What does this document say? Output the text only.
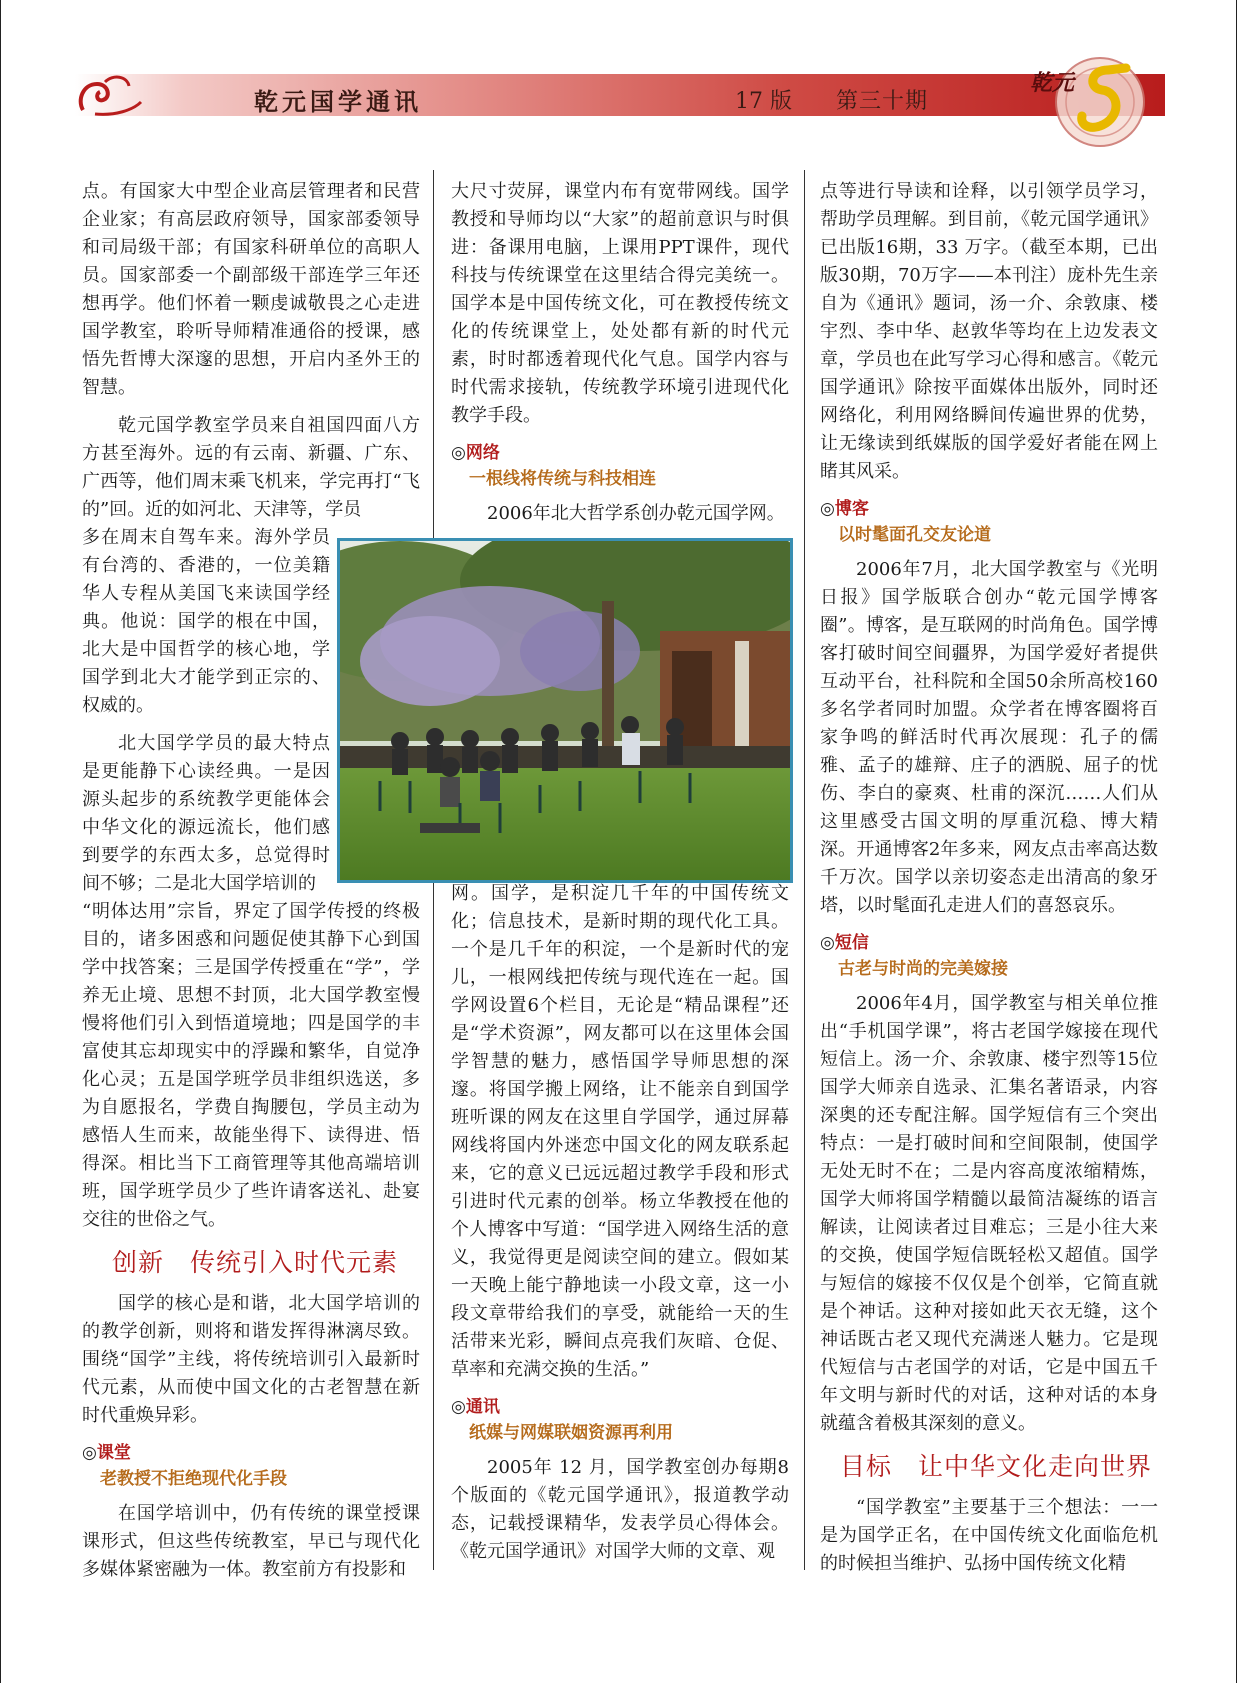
乾元国学通讯	17 版 第三十期
乾元

点。有国家大中型企业高层管理者和民营企业家；有高层政府领导，国家部委领导和司局级干部；有国家科研单位的高职人员。国家部委一个副部级干部连学三年还想再学。他们怀着一颗虔诚敬畏之心走进国学教室，聆听导师精准通俗的授课，感悟先哲博大深邃的思想，开启内圣外王的智慧。

乾元国学教室学员来自祖国四面八方方甚至海外。远的有云南、新疆、广东、广西等，他们周末乘飞机来，学完再打“飞的”回。近的如河北、天津等，学员

多在周末自驾车来。海外学员有台湾的、香港的，一位美籍华人专程从美国飞来读国学经典。他说：国学的根在中国，北大是中国哲学的核心地，学国学到北大才能学到正宗的、权威的。

北大国学学员的最大特点是更能静下心读经典。一是因源头起步的系统教学更能体会中华文化的源远流长，他们感到要学的东西太多，总觉得时间不够；二是北大国学培训的

“明体达用”宗旨，界定了国学传授的终极目的，诸多困惑和问题促使其静下心到国学中找答案；三是国学传授重在“学”，学养无止境、思想不封顶，北大国学教室慢慢将他们引入到悟道境地；四是国学的丰富使其忘却现实中的浮躁和繁华，自觉净化心灵；五是国学班学员非组织选送，多为自愿报名，学费自掏腰包，学员主动为感悟人生而来，故能坐得下、读得进、悟得深。相比当下工商管理等其他高端培训班，国学班学员少了些许请客送礼、赴宴交往的世俗之气。

创新　传统引入时代元素

国学的核心是和谐，北大国学培训的的教学创新，则将和谐发挥得淋漓尽致。围绕“国学”主线，将传统培训引入最新时代元素，从而使中国文化的古老智慧在新时代重焕异彩。

◎课堂
老教授不拒绝现代化手段

在国学培训中，仍有传统的课堂授课课形式，但这些传统教室，早已与现代化多媒体紧密融为一体。教室前方有投影和

大尺寸荧屏，课堂内布有宽带网线。国学教授和导师均以“大家”的超前意识与时俱进：备课用电脑，上课用PPT课件，现代科技与传统课堂在这里结合得完美统一。国学本是中国传统文化，可在教授传统文化的传统课堂上，处处都有新的时代元素，时时都透着现代化气息。国学内容与时代需求接轨，传统教学环境引进现代化教学手段。

◎网络
一根线将传统与科技相连

2006年北大哲学系创办乾元国学网。

网。国学，是积淀几千年的中国传统文化；信息技术，是新时期的现代化工具。一个是几千年的积淀，一个是新时代的宠儿，一根网线把传统与现代连在一起。国学网设置6个栏目，无论是“精品课程”还是“学术资源”，网友都可以在这里体会国学智慧的魅力，感悟国学导师思想的深邃。将国学搬上网络，让不能亲自到国学班听课的网友在这里自学国学，通过屏幕网线将国内外迷恋中国文化的网友联系起来，它的意义已远远超过教学手段和形式引进时代元素的创举。杨立华教授在他的个人博客中写道：“国学进入网络生活的意义，我觉得更是阅读空间的建立。假如某一天晚上能宁静地读一小段文章，这一小段文章带给我们的享受，就能给一天的生活带来光彩，瞬间点亮我们灰暗、仓促、草率和充满交换的生活。”

◎通讯
纸媒与网媒联姻资源再利用

2005年 12 月，国学教室创办每期8个版面的《乾元国学通讯》，报道教学动态，记载授课精华，发表学员心得体会。《乾元国学通讯》对国学大师的文章、观

点等进行导读和诠释，以引领学员学习，帮助学员理解。到目前，《乾元国学通讯》已出版16期，33 万字。（截至本期，已出版30期，70万字——本刊注）庞朴先生亲自为《通讯》题词，汤一介、余敦康、楼宇烈、李中华、赵敦华等均在上边发表文章，学员也在此写学习心得和感言。《乾元国学通讯》除按平面媒体出版外，同时还网络化，利用网络瞬间传遍世界的优势，让无缘读到纸媒版的国学爱好者能在网上睹其风采。

◎博客
以时髦面孔交友论道

2006年7月，北大国学教室与《光明日报》国学版联合创办“乾元国学博客圈”。博客，是互联网的时尚角色。国学博客打破时间空间疆界，为国学爱好者提供互动平台，社科院和全国50余所高校160多名学者同时加盟。众学者在博客圈将百家争鸣的鲜活时代再次展现：孔子的儒雅、孟子的雄辩、庄子的洒脱、屈子的忧伤、李白的豪爽、杜甫的深沉……人们从这里感受古国文明的厚重沉稳、博大精深。开通博客2年多来，网友点击率高达数千万次。国学以亲切姿态走出清高的象牙塔，以时髦面孔走进人们的喜怒哀乐。

◎短信
古老与时尚的完美嫁接

2006年4月，国学教室与相关单位推出“手机国学课”，将古老国学嫁接在现代短信上。汤一介、余敦康、楼宇烈等15位国学大师亲自选录、汇集名著语录，内容深奥的还专配注解。国学短信有三个突出特点：一是打破时间和空间限制，使国学无处无时不在；二是内容高度浓缩精炼，国学大师将国学精髓以最简洁凝练的语言解读，让阅读者过目难忘；三是小往大来的交换，使国学短信既轻松又超值。国学与短信的嫁接不仅仅是个创举，它简直就是个神话。这种对接如此天衣无缝，这个神话既古老又现代充满迷人魅力。它是现代短信与古老国学的对话，它是中国五千年文明与新时代的对话，这种对话的本身就蕴含着极其深刻的意义。

目标　让中华文化走向世界

“国学教室”主要基于三个想法：一一是为国学正名，在中国传统文化面临危机的时候担当维护、弘扬中国传统文化精
